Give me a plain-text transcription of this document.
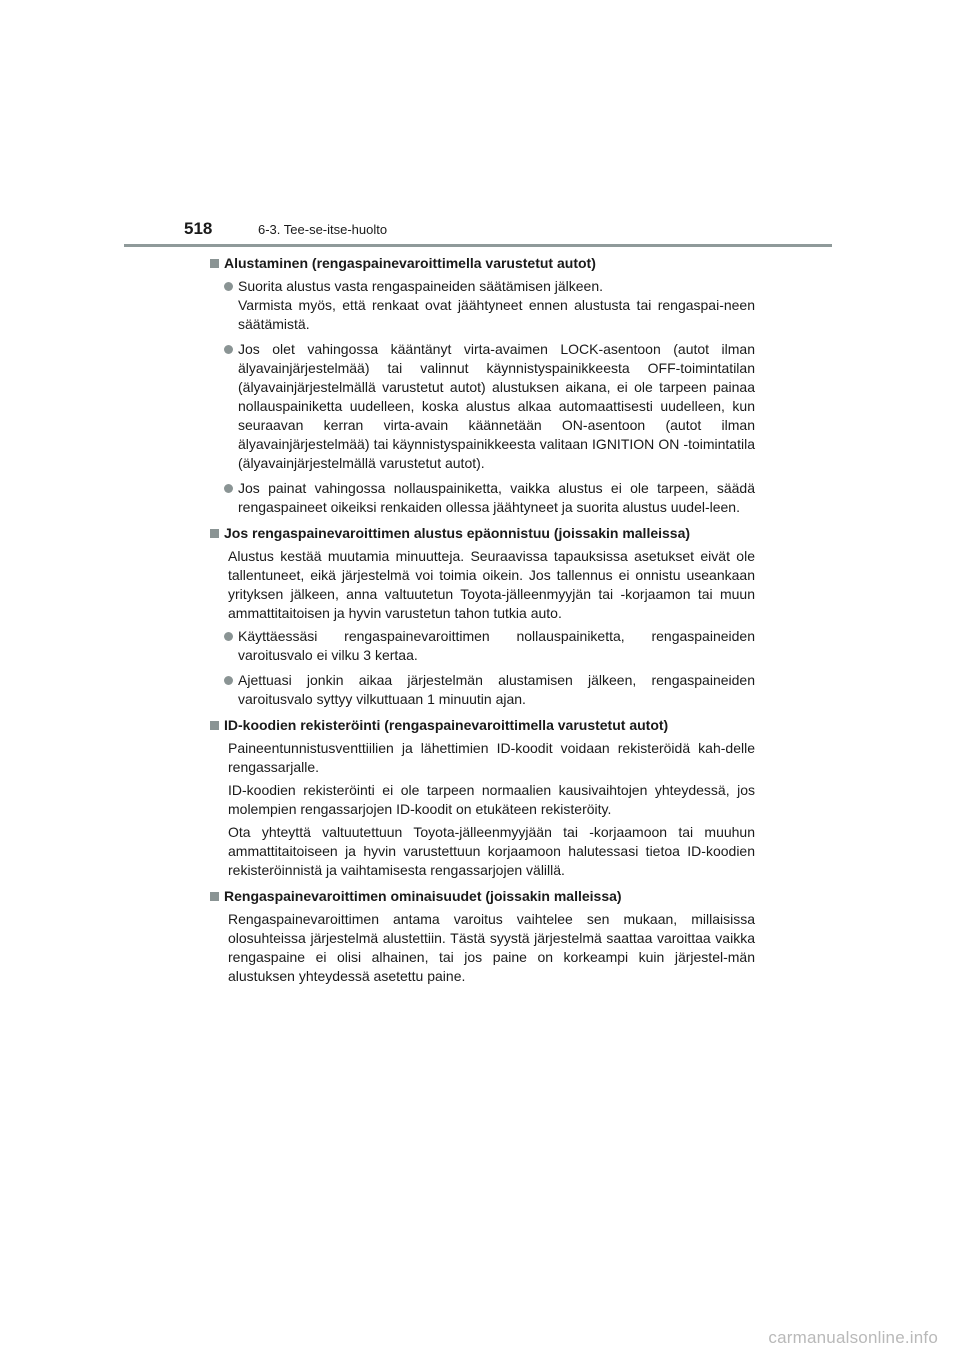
518	6-3. Tee-se-itse-huolto
Alustaminen (rengaspainevaroittimella varustetut autot)
Suorita alustus vasta rengaspaineiden säätämisen jälkeen.
Varmista myös, että renkaat ovat jäähtyneet ennen alustusta tai rengaspai-neen säätämistä.
Jos olet vahingossa kääntänyt virta-avaimen LOCK-asentoon (autot ilman älyavainjärjestelmää) tai valinnut käynnistyspainikkeesta OFF-toimintatilan (älyavainjärjestelmällä varustetut autot) alustuksen aikana, ei ole tarpeen painaa nollauspainiketta uudelleen, koska alustus alkaa automaattisesti uudelleen, kun seuraavan kerran virta-avain käännetään ON-asentoon (autot ilman älyavainjärjestelmää) tai käynnistyspainikkeesta valitaan IGNITION ON -toimintatila (älyavainjärjestelmällä varustetut autot).
Jos painat vahingossa nollauspainiketta, vaikka alustus ei ole tarpeen, säädä rengaspaineet oikeiksi renkaiden ollessa jäähtyneet ja suorita alustus uudel-leen.
Jos rengaspainevaroittimen alustus epäonnistuu (joissakin malleissa)
Alustus kestää muutamia minuutteja. Seuraavissa tapauksissa asetukset eivät ole tallentuneet, eikä järjestelmä voi toimia oikein. Jos tallennus ei onnistu useankaan yrityksen jälkeen, anna valtuutetun Toyota-jälleenmyyjän tai -korjaamon tai muun ammattitaitoisen ja hyvin varustetun tahon tutkia auto.
Käyttäessäsi rengaspainevaroittimen nollauspainiketta, rengaspaineiden varoitusvalo ei vilku 3 kertaa.
Ajettuasi jonkin aikaa järjestelmän alustamisen jälkeen, rengaspaineiden varoitusvalo syttyy vilkuttuaan 1 minuutin ajan.
ID-koodien rekisteröinti (rengaspainevaroittimella varustetut autot)
Paineentunnistusventtiilien ja lähettimien ID-koodit voidaan rekisteröidä kah-delle rengassarjalle.
ID-koodien rekisteröinti ei ole tarpeen normaalien kausivaihtojen yhteydessä, jos molempien rengassarjojen ID-koodit on etukäteen rekisteröity.
Ota yhteyttä valtuutettuun Toyota-jälleenmyyjään tai -korjaamoon tai muuhun ammattitaitoiseen ja hyvin varustettuun korjaamoon halutessasi tietoa ID-koodien rekisteröinnistä ja vaihtamisesta rengassarjojen välillä.
Rengaspainevaroittimen ominaisuudet (joissakin malleissa)
Rengaspainevaroittimen antama varoitus vaihtelee sen mukaan, millaisissa olosuhteissa järjestelmä alustettiin. Tästä syystä järjestelmä saattaa varoittaa vaikka rengaspaine ei olisi alhainen, tai jos paine on korkeampi kuin järjestel-män alustuksen yhteydessä asetettu paine.
carmanualsonline.info
